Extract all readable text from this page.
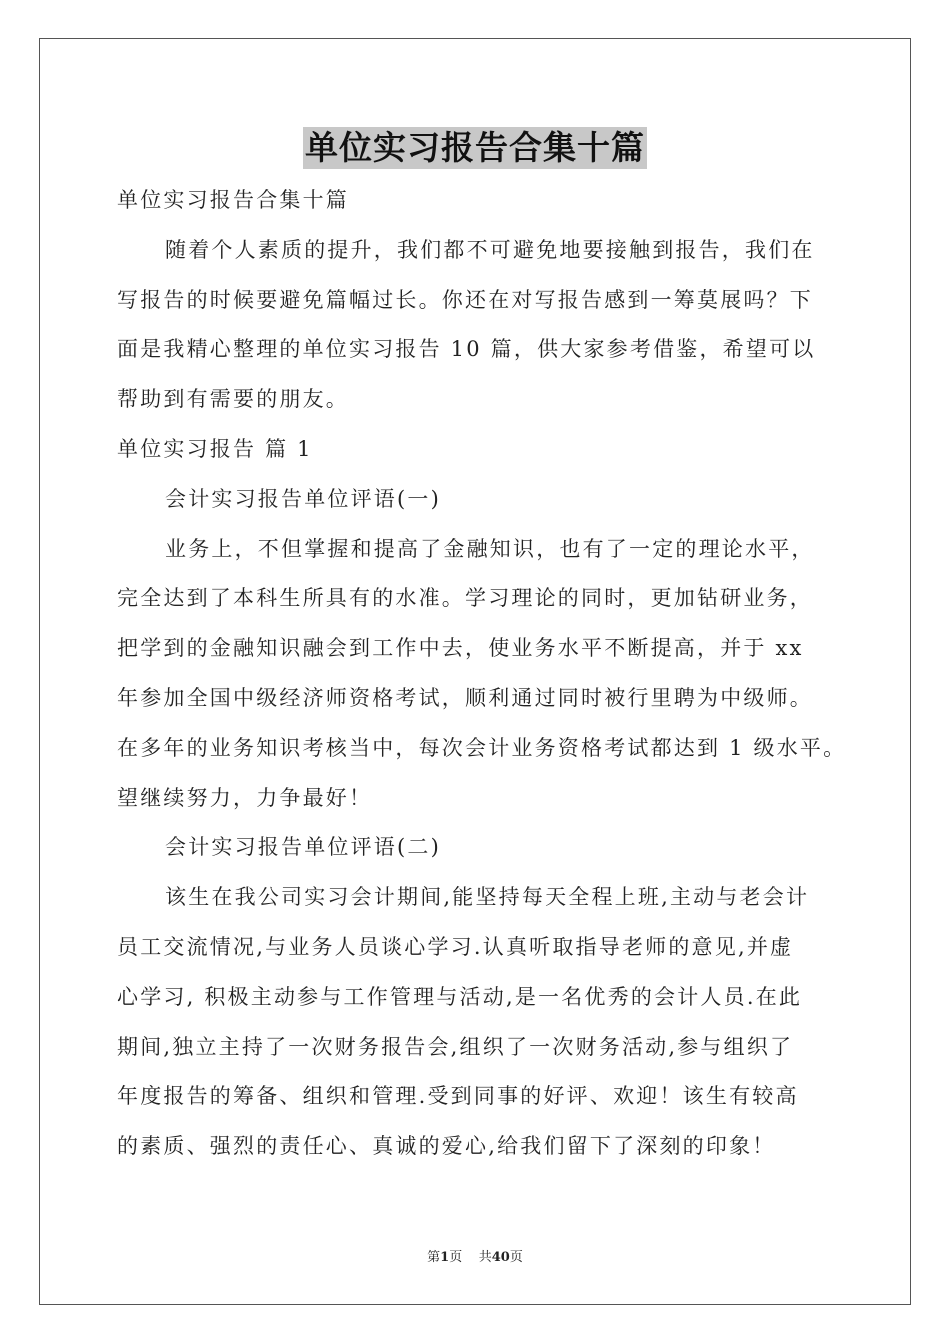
单位实习报告合集十篇
单位实习报告合集十篇
随着个人素质的提升，我们都不可避免地要接触到报告，我们在
写报告的时候要避免篇幅过长。你还在对写报告感到一筹莫展吗？下
面是我精心整理的单位实习报告 10 篇，供大家参考借鉴，希望可以
帮助到有需要的朋友。
单位实习报告 篇 1
会计实习报告单位评语(一)
业务上，不但掌握和提高了金融知识，也有了一定的理论水平，
完全达到了本科生所具有的水准。学习理论的同时，更加钻研业务，
把学到的金融知识融会到工作中去，使业务水平不断提高，并于 xx
年参加全国中级经济师资格考试，顺利通过同时被行里聘为中级师。
在多年的业务知识考核当中，每次会计业务资格考试都达到 1 级水平。
望继续努力，力争最好！
会计实习报告单位评语(二)
该生在我公司实习会计期间,能坚持每天全程上班,主动与老会计
员工交流情况,与业务人员谈心学习.认真听取指导老师的意见,并虚
心学习, 积极主动参与工作管理与活动,是一名优秀的会计人员.在此
期间,独立主持了一次财务报告会,组织了一次财务活动,参与组织了
年度报告的筹备、组织和管理.受到同事的好评、欢迎！该生有较高
的素质、强烈的责任心、真诚的爱心,给我们留下了深刻的印象！
第1页 共40页
